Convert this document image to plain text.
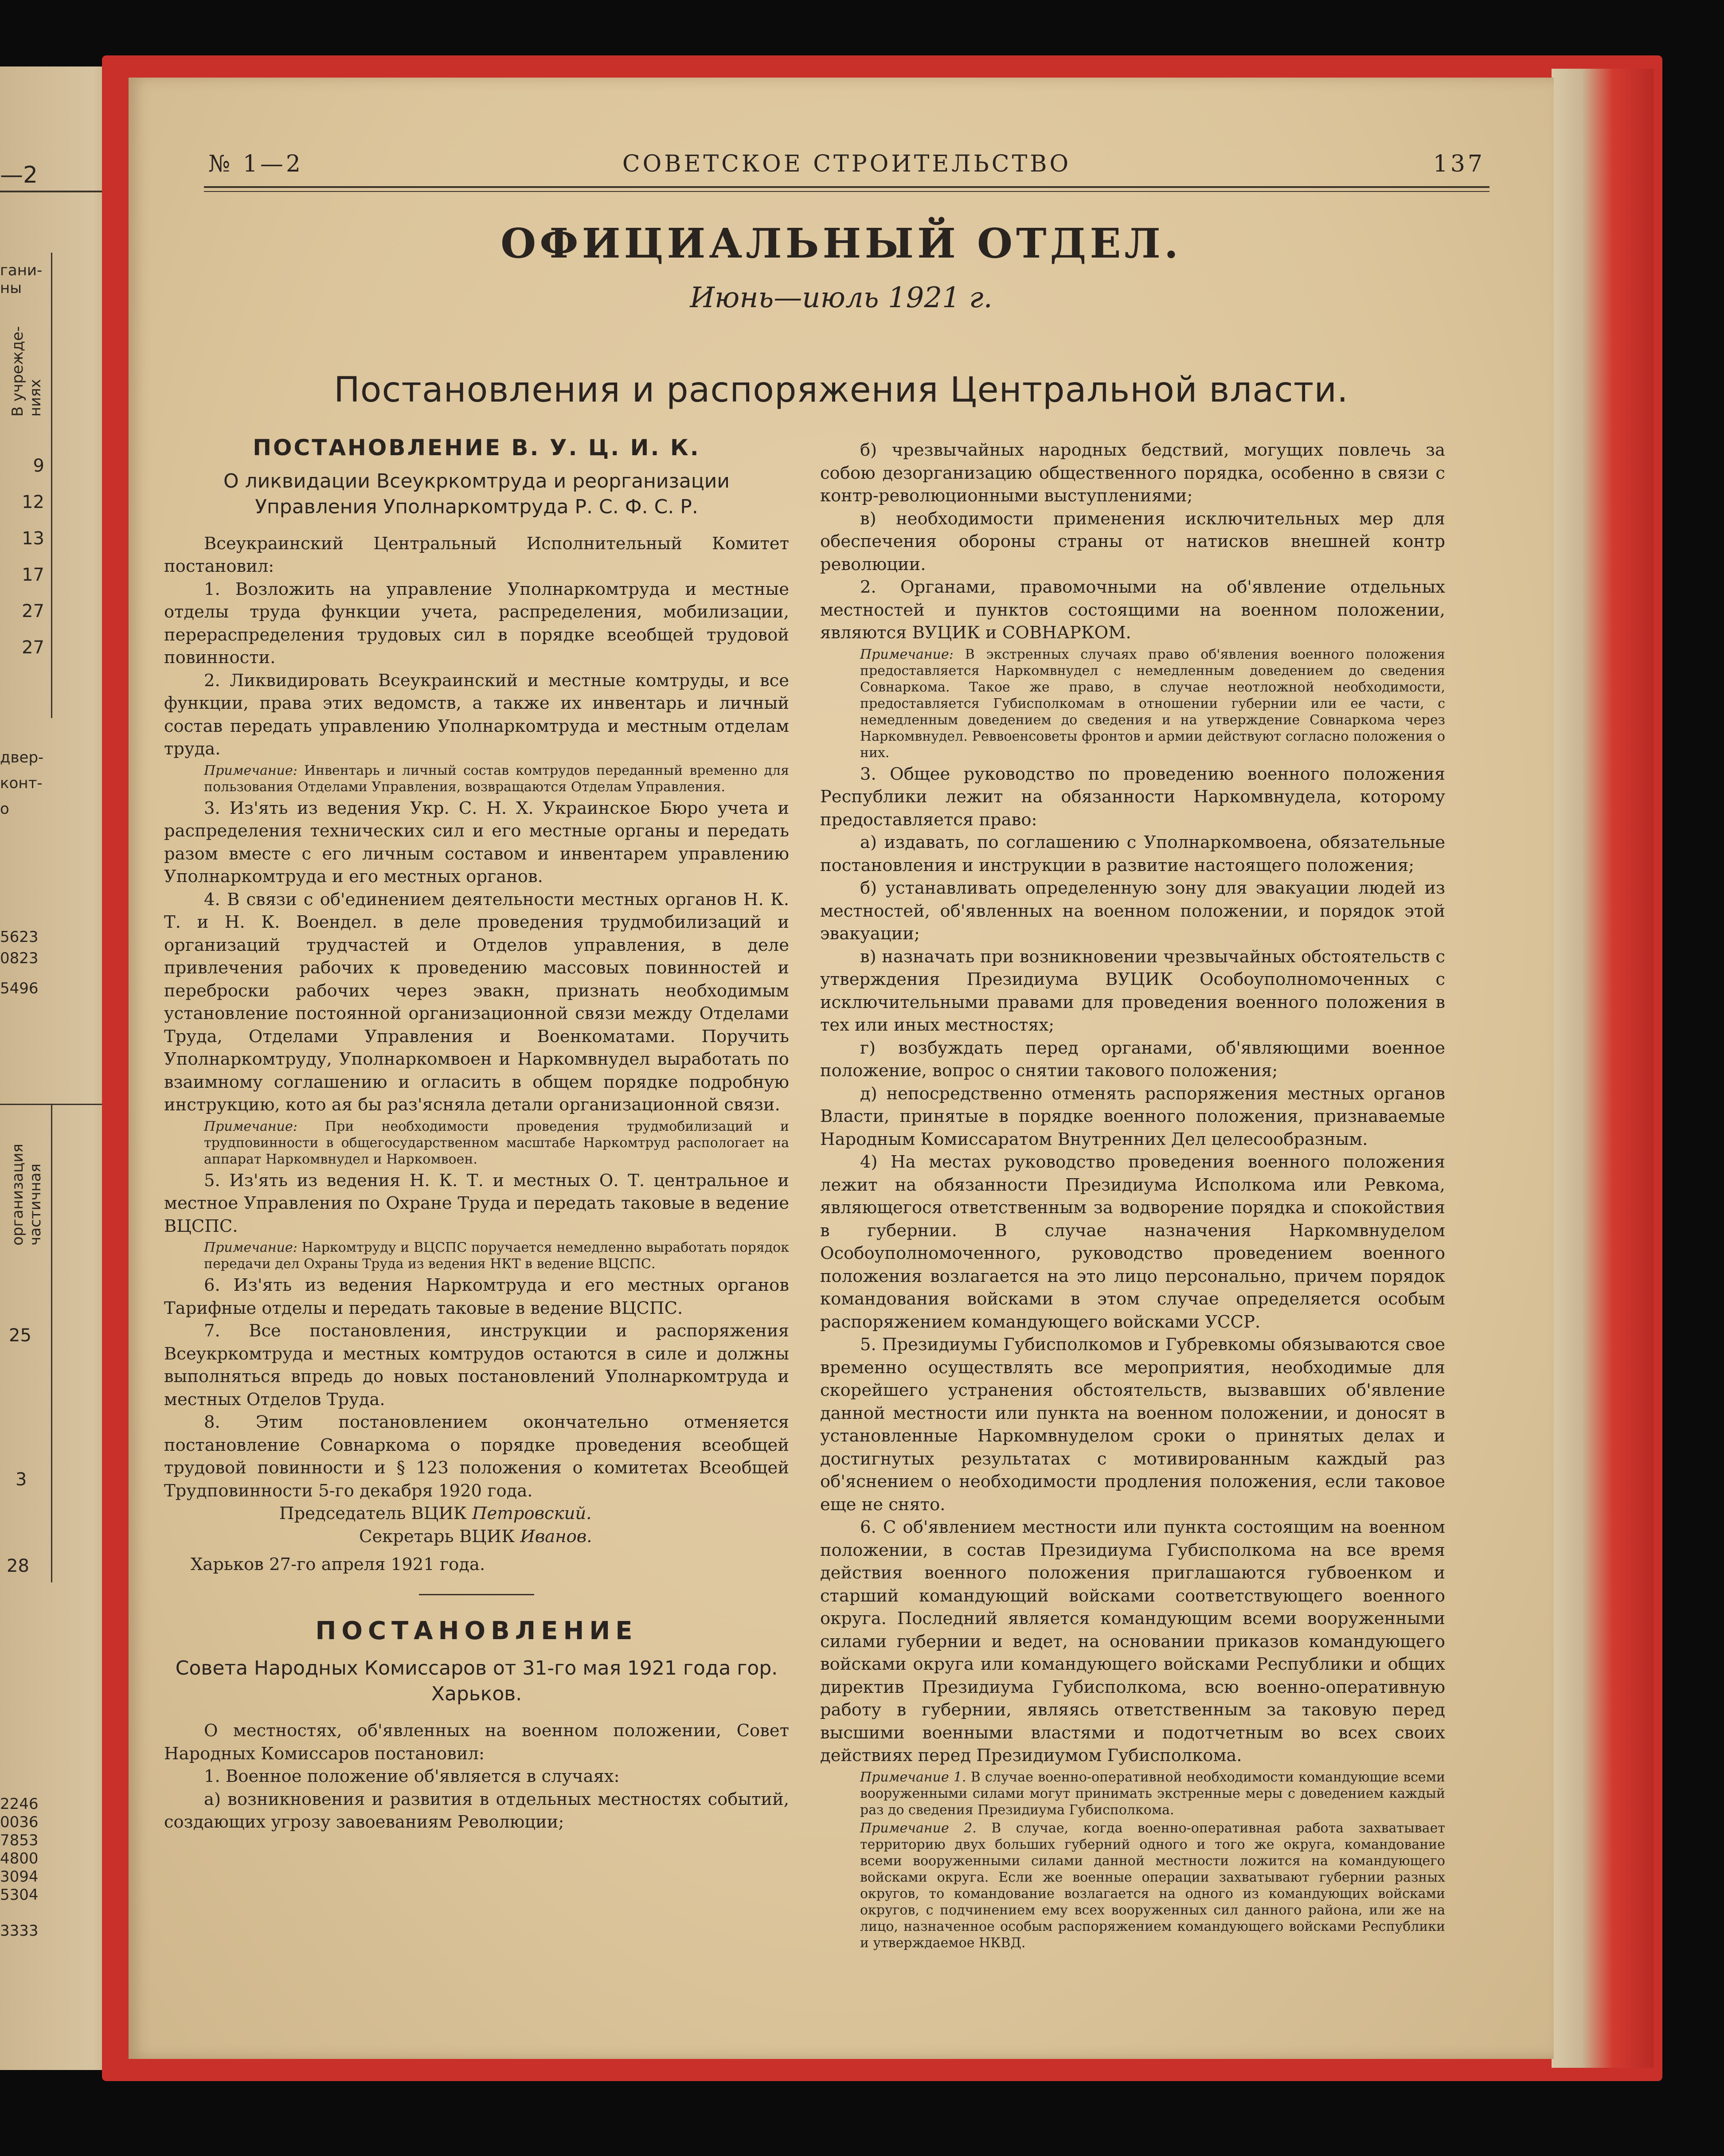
—2
гани-
ны
В учрежде-
ниях
9
12
13
17
27
27
двер-
конт-
о
5623
0823
5496
организация
частичная
25
3
28
2246
0036
7853
4800
3094
5304
3333
№ 1—2	СОВЕТСКОЕ СТРОИТЕЛЬСТВО	137
ОФИЦИАЛЬНЫЙ ОТДЕЛ.
Июнь—июль 1921 г.
Постановления и распоряжения Центральной власти.

ПОСТАНОВЛЕНИЕ В. У. Ц. И. К.

О ликвидации Всеукркомтруда и реорганизации Управления Уполнаркомтруда Р. С. Ф. С. Р.

Всеукраинский Центральный Исполнительный Комитет постановил:

1. Возложить на управление Уполнаркомтруда и местные отделы труда функции учета, распределения, мобилизации, перераспределения трудовых сил в порядке всеобщей трудовой повинности.

2. Ликвидировать Всеукраинский и местные комтруды, и все функции, права этих ведомств, а также их инвентарь и личный состав передать управлению Уполнаркомтруда и местным отделам труда.

Примечание: Инвентарь и личный состав комтрудов переданный временно для пользования Отделами Управления, возвращаются Отделам Управления.

3. Из'ять из ведения Укр. С. Н. Х. Украинское Бюро учета и распределения технических сил и его местные органы и передать разом вместе с его личным составом и инвентарем управлению Уполнаркомтруда и его местных органов.

4. В связи с об'единением деятельности местных органов Н. К. Т. и Н. К. Воендел. в деле проведения трудмобилизаций и организаций трудчастей и Отделов управления, в деле привлечения рабочих к проведению массовых повинностей и переброски рабочих через эвакн, признать необходимым установление постоянной организационной связи между Отделами Труда, Отделами Управления и Военкоматами. Поручить Уполнаркомтруду, Уполнаркомвоен и Наркомвнудел выработать по взаимному соглашению и огласить в общем порядке подробную инструкцию, кото ая бы раз'ясняла детали организационной связи.

Примечание: При необходимости проведения трудмобилизаций и трудповинности в общегосударственном масштабе Наркомтруд распологает на аппарат Наркомвнудел и Наркомвоен.

5. Из'ять из ведения Н. К. Т. и местных О. Т. центральное и местное Управления по Охране Труда и передать таковые в ведение ВЦСПС.

Примечание: Наркомтруду и ВЦСПС поручается немедленно выработать порядок передачи дел Охраны Труда из ведения НКТ в ведение ВЦСПС.

6. Из'ять из ведения Наркомтруда и его местных органов Тарифные отделы и передать таковые в ведение ВЦСПС.

7. Все постановления, инструкции и распоряжения Всеукркомтруда и местных комтрудов остаются в силе и должны выполняться впредь до новых постановлений Уполнаркомтруда и местных Отделов Труда.

8. Этим постановлением окончательно отменяется постановление Совнаркома о порядке проведения всеобщей трудовой повинности и § 123 положения о комитетах Всеобщей Трудповинности 5-го декабря 1920 года.

Председатель ВЦИК Петровский.

Секретарь ВЦИК Иванов.

Харьков 27-го апреля 1921 года.

ПОСТАНОВЛЕНИЕ

Совета Народных Комиссаров от 31-го мая 1921 года гор. Харьков.

О местностях, об'явленных на военном положении, Совет Народных Комиссаров постановил:

1. Военное положение об'является в случаях:

а) возникновения и развития в отдельных местностях событий, создающих угрозу завоеваниям Революции;

б) чрезвычайных народных бедствий, могущих повлечь за собою дезорганизацию общественного порядка, особенно в связи с контр-революционными выступлениями;

в) необходимости применения исключительных мер для обеспечения обороны страны от натисков внешней контр революции.

2. Органами, правомочными на об'явление отдельных местностей и пунктов состоящими на военном положении, являются ВУЦИК и СОВНАРКОМ.

Примечание: В экстренных случаях право об'явления военного положения предоставляется Наркомвнудел с немедленным доведением до сведения Совнаркома. Такое же право, в случае неотложной необходимости, предоставляется Губисполкомам в отношении губернии или ее части, с немедленным доведением до сведения и на утверждение Совнаркома через Наркомвнудел. Реввоенсоветы фронтов и армии действуют согласно положения о них.

3. Общее руководство по проведению военного положения Республики лежит на обязанности Наркомвнудела, которому предоставляется право:

а) издавать, по соглашению с Уполнаркомвоена, обязательные постановления и инструкции в развитие настоящего положения;

б) устанавливать определенную зону для эвакуации людей из местностей, об'явленных на военном положении, и порядок этой эвакуации;

в) назначать при возникновении чрезвычайных обстоятельств с утверждения Президиума ВУЦИК Особоуполномоченных с исключительными правами для проведения военного положения в тех или иных местностях;

г) возбуждать перед органами, об'являющими военное положение, вопрос о снятии такового положения;

д) непосредственно отменять распоряжения местных органов Власти, принятые в порядке военного положения, признаваемые Народным Комиссаратом Внутренних Дел целесообразным.

4) На местах руководство проведения военного положения лежит на обязанности Президиума Исполкома или Ревкома, являющегося ответственным за водворение порядка и спокойствия в губернии. В случае назначения Наркомвнуделом Особоуполномоченного, руководство проведением военного положения возлагается на это лицо персонально, причем порядок командования войсками в этом случае определяется особым распоряжением командующего войсками УССР.

5. Президиумы Губисполкомов и Губревкомы обязываются свое временно осуществлять все мероприятия, необходимые для скорейшего устранения обстоятельств, вызвавших об'явление данной местности или пункта на военном положении, и доносят в установленные Наркомвнуделом сроки о принятых делах и достигнутых результатах с мотивированным каждый раз об'яснением о необходимости продления положения, если таковое еще не снято.

6. С об'явлением местности или пункта состоящим на военном положении, в состав Президиума Губисполкома на все время действия военного положения приглашаются губвоенком и старший командующий войсками соответствующего военного округа. Последний является командующим всеми вооруженными силами губернии и ведет, на основании приказов командующего войсками округа или командующего войсками Республики и общих директив Президиума Губисполкома, всю военно-оперативную работу в губернии, являясь ответственным за таковую перед высшими военными властями и подотчетным во всех своих действиях перед Президиумом Губисполкома.

Примечание 1. В случае военно-оперативной необходимости командующие всеми вооруженными силами могут принимать экстренные меры с доведением каждый раз до сведения Президиума Губисполкома.
Примечание 2. В случае, когда военно-оперативная работа захватывает территорию двух больших губерний одного и того же округа, командование всеми вооруженными силами данной местности ложится на командующего войсками округа. Если же военные операции захватывают губернии разных округов, то командование возлагается на одного из командующих войсками округов, с подчинением ему всех вооруженных сил данного района, или же на лицо, назначенное особым распоряжением командующего войсками Республики и утверждаемое НКВД.
